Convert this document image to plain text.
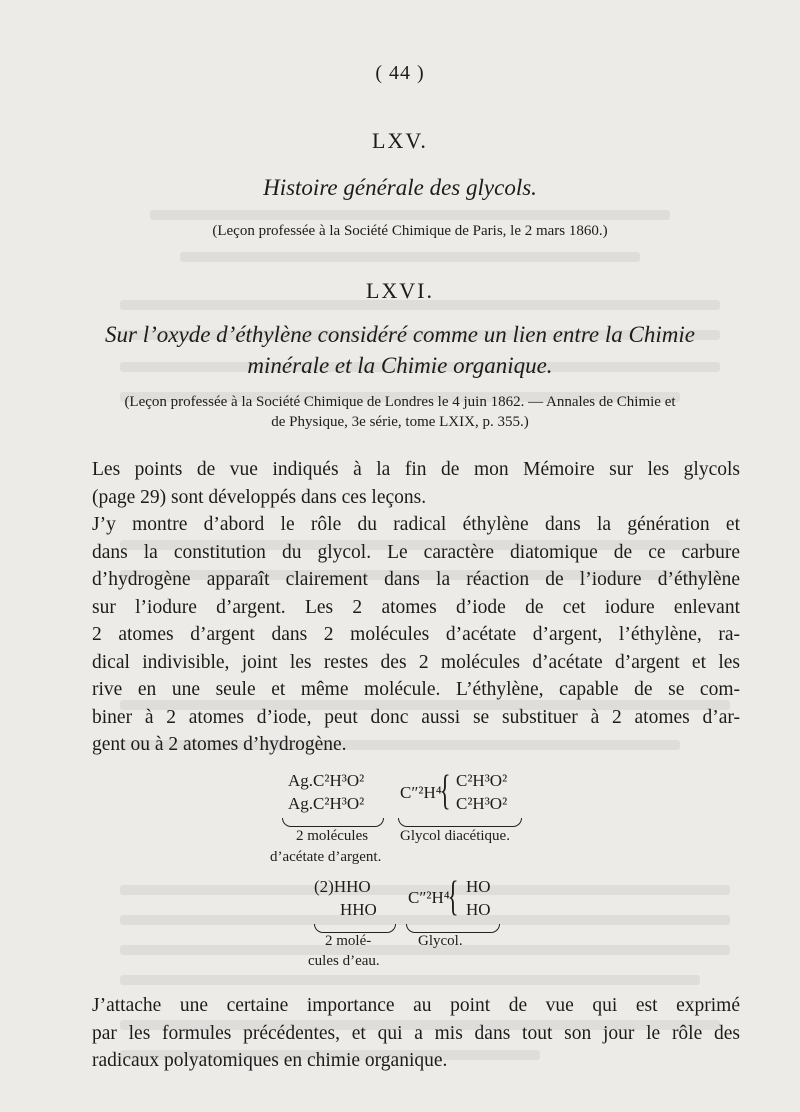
( 44 )
LXV.
Histoire générale des glycols.
(Leçon professée à la Société Chimique de Paris, le 2 mars 1860.)
LXVI.
Sur l’oxyde d’éthylène considéré comme un lien entre la Chimie
minérale et la Chimie organique.
(Leçon professée à la Société Chimique de Londres le 4 juin 1862. — Annales de Chimie et
de Physique, 3e série, tome LXIX, p. 355.)

Les points de vue indiqués à la fin de mon Mémoire sur les glycols

(page 29) sont développés dans ces leçons.

J’y montre d’abord le rôle du radical éthylène dans la génération et

dans la constitution du glycol. Le caractère diatomique de ce carbure

d’hydrogène apparaît clairement dans la réaction de l’iodure d’éthylène

sur l’iodure d’argent. Les 2 atomes d’iode de cet iodure enlevant

2 atomes d’argent dans 2 molécules d’acétate d’argent, l’éthylène, ra-

dical indivisible, joint les restes des 2 molécules d’acétate d’argent et les

rive en une seule et même molécule. L’éthylène, capable de se com-

biner à 2 atomes d’iode, peut donc aussi se substituer à 2 atomes d’ar-

gent ou à 2 atomes d’hydrogène.

Ag.C²H³O²
Ag.C²H³O²
2 molécules
d’acétate d’argent.
C″²H⁴
{ C²H³O²
C²H³O²
Glycol diacétique.
(2)HHO
HHO
2 molé-
cules d’eau.
C″²H⁴
{ HO
HO
Glycol.

J’attache une certaine importance au point de vue qui est exprimé

par les formules précédentes, et qui a mis dans tout son jour le rôle des

radicaux polyatomiques en chimie organique.
